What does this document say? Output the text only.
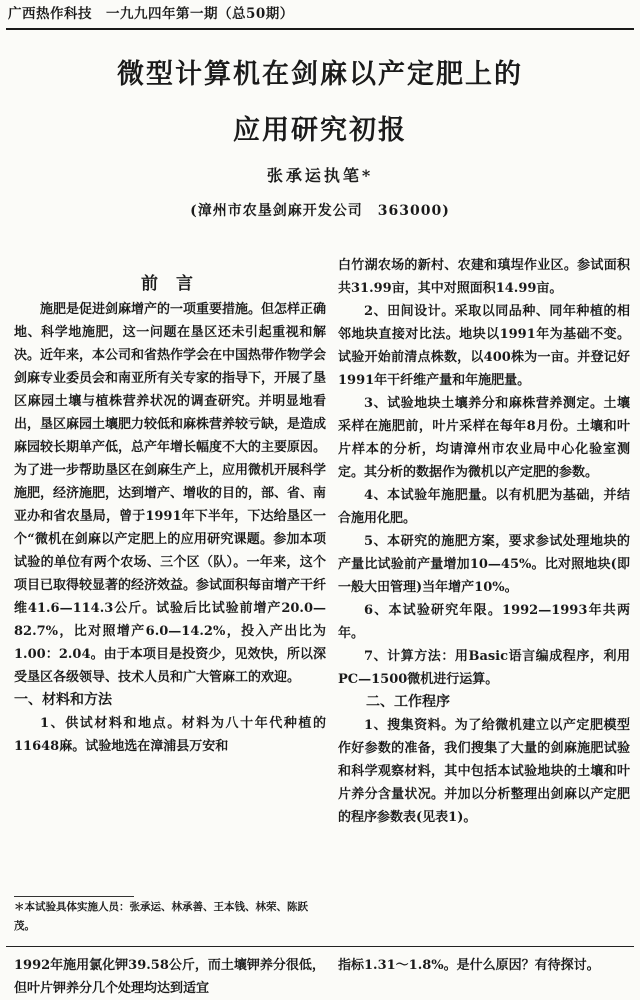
广西热作科技　一九九四年第一期（总50期）
微型计算机在剑麻以产定肥上的
应用研究初报
张承运执笔*
(漳州市农垦剑麻开发公司　363000)

前 言

施肥是促进剑麻增产的一项重要措施。但怎样正确地、科学地施肥，这一问题在垦区还未引起重视和解决。近年来，本公司和省热作学会在中国热带作物学会剑麻专业委员会和南亚所有关专家的指导下，开展了垦区麻园土壤与植株营养状况的调查研究。并明显地看出，垦区麻园土壤肥力较低和麻株营养较亏缺，是造成麻园较长期单产低，总产年增长幅度不大的主要原因。为了进一步帮助垦区在剑麻生产上，应用微机开展科学施肥，经济施肥，达到增产、增收的目的，部、省、南亚办和省农垦局，曾于1991年下半年，下达给垦区一个“微机在剑麻以产定肥上的应用研究课题。参加本项试验的单位有两个农场、三个区（队）。一年来，这个项目已取得较显著的经济效益。参试面积每亩增产干纤维41.6—114.3公斤。试验后比试验前增产20.0—82.7%，比对照增产6.0—14.2%，投入产出比为1.00：2.04。由于本项目是投资少，见效快，所以深受垦区各级领导、技术人员和广大管麻工的欢迎。

一、材料和方法

1、供试材料和地点。材料为八十年代种植的11648麻。试验地选在漳浦县万安和

＊本试验具体实施人员：张承运、林承善、王本钱、林荣、陈跃茂。

白竹湖农场的新村、农建和瑱埕作业区。参试面积共31.99亩，其中对照面积14.99亩。

2、田间设计。采取以同品种、同年种植的相邻地块直接对比法。地块以1991年为基础不变。试验开始前清点株数，以400株为一亩。并登记好1991年干纤维产量和年施肥量。

3、试验地块土壤养分和麻株营养测定。土壤采样在施肥前，叶片采样在每年8月份。土壤和叶片样本的分析，均请漳州市农业局中心化验室测定。其分析的数据作为微机以产定肥的参数。

4、本试验年施肥量。以有机肥为基础，并结合施用化肥。

5、本研究的施肥方案，要求参试处理地块的产量比试验前产量增加10—45%。比对照地块(即一般大田管理)当年增产10%。

6、本试验研究年限。1992—1993年共两年。

7、计算方法：用Basic语言编成程序，利用PC—1500微机进行运算。

二、工作程序

1、搜集资料。为了给微机建立以产定肥模型作好参数的准备，我们搜集了大量的剑麻施肥试验和科学观察材料，其中包括本试验地块的土壤和叶片养分含量状况。并加以分析整理出剑麻以产定肥的程序参数表(见表1)。

1992年施用氯化钾39.58公斤，而土壤钾养分很低，但叶片钾养分几个处理均达到适宜
指标1.31～1.8%。是什么原因？有待探讨。
